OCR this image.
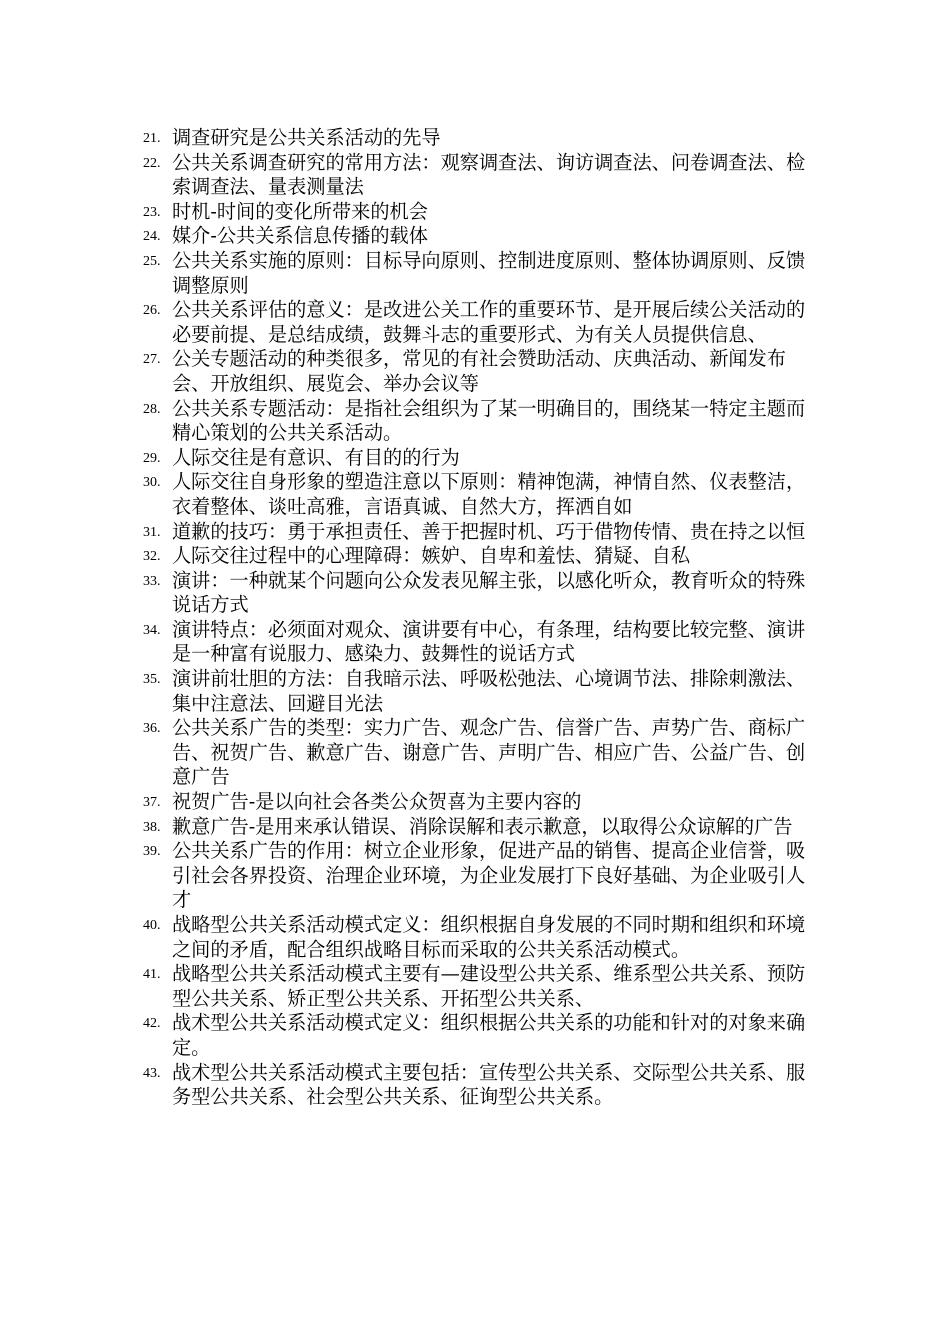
21. 调查研究是公共关系活动的先导
22. 公共关系调查研究的常用方法：观察调查法、询访调查法、问卷调查法、检索调查法、量表测量法
23. 时机-时间的变化所带来的机会
24. 媒介-公共关系信息传播的载体
25. 公共关系实施的原则：目标导向原则、控制进度原则、整体协调原则、反馈调整原则
26. 公共关系评估的意义：是改进公关工作的重要环节、是开展后续公关活动的必要前提、是总结成绩，鼓舞斗志的重要形式、为有关人员提供信息、
27. 公关专题活动的种类很多，常见的有社会赞助活动、庆典活动、新闻发布会、开放组织、展览会、举办会议等
28. 公共关系专题活动：是指社会组织为了某一明确目的，围绕某一特定主题而精心策划的公共关系活动。
29. 人际交往是有意识、有目的的行为
30. 人际交往自身形象的塑造注意以下原则：精神饱满，神情自然、仪表整洁，衣着整体、谈吐高雅，言语真诚、自然大方，挥洒自如
31. 道歉的技巧：勇于承担责任、善于把握时机、巧于借物传情、贵在持之以恒
32. 人际交往过程中的心理障碍：嫉妒、自卑和羞怯、猜疑、自私
33. 演讲：一种就某个问题向公众发表见解主张，以感化听众，教育听众的特殊说话方式
34. 演讲特点：必须面对观众、演讲要有中心，有条理，结构要比较完整、演讲是一种富有说服力、感染力、鼓舞性的说话方式
35. 演讲前壮胆的方法：自我暗示法、呼吸松弛法、心境调节法、排除刺激法、集中注意法、回避目光法
36. 公共关系广告的类型：实力广告、观念广告、信誉广告、声势广告、商标广告、祝贺广告、歉意广告、谢意广告、声明广告、相应广告、公益广告、创意广告
37. 祝贺广告-是以向社会各类公众贺喜为主要内容的
38. 歉意广告-是用来承认错误、消除误解和表示歉意，以取得公众谅解的广告
39. 公共关系广告的作用：树立企业形象，促进产品的销售、提高企业信誉，吸引社会各界投资、治理企业环境，为企业发展打下良好基础、为企业吸引人才
40. 战略型公共关系活动模式定义：组织根据自身发展的不同时期和组织和环境之间的矛盾，配合组织战略目标而采取的公共关系活动模式。
41. 战略型公共关系活动模式主要有—建设型公共关系、维系型公共关系、预防型公共关系、矫正型公共关系、开拓型公共关系、
42. 战术型公共关系活动模式定义：组织根据公共关系的功能和针对的对象来确定。
43. 战术型公共关系活动模式主要包括：宣传型公共关系、交际型公共关系、服务型公共关系、社会型公共关系、征询型公共关系。
